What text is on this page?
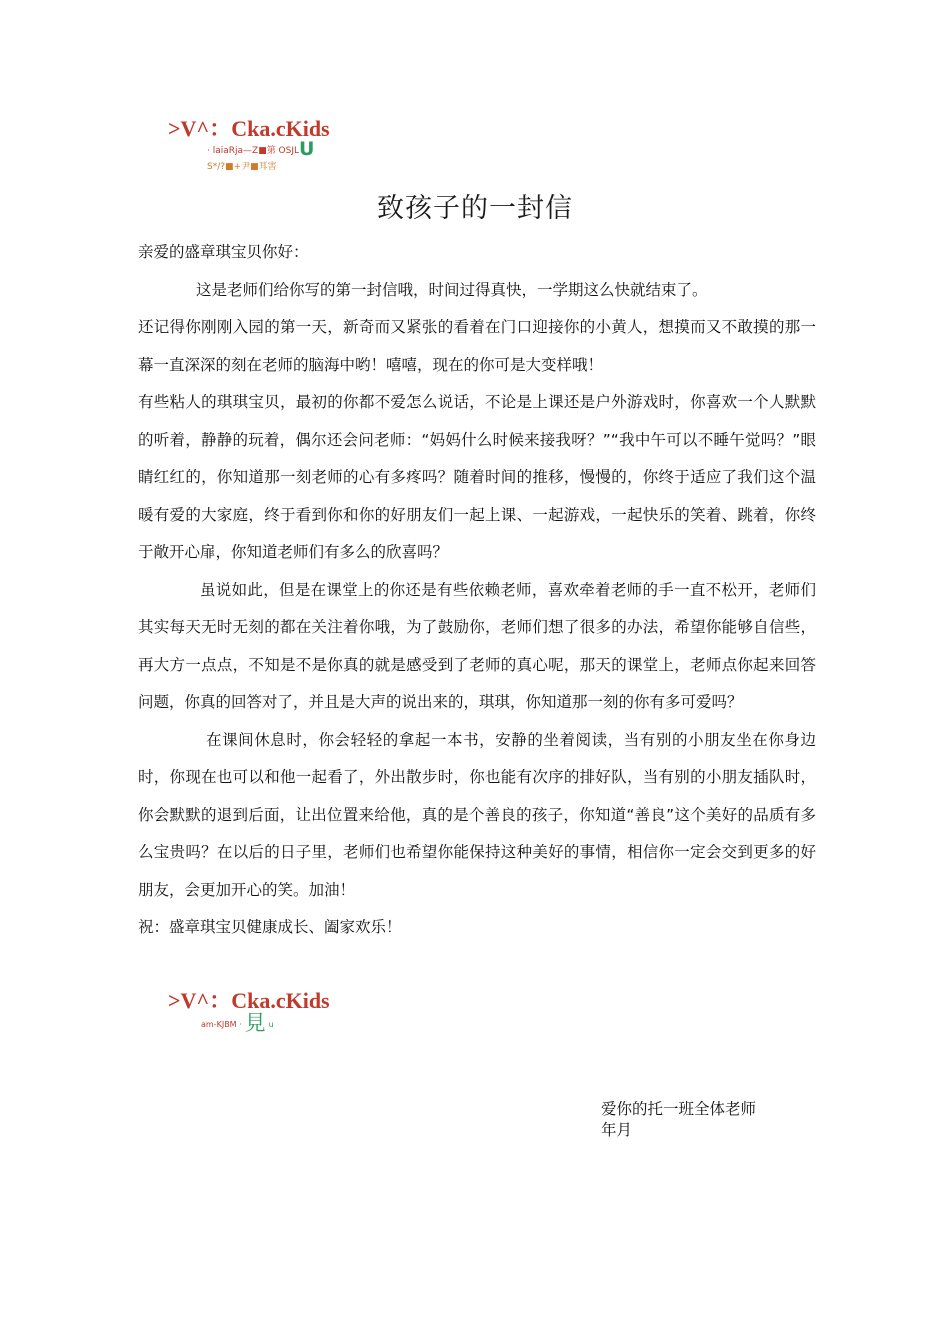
>V^：Cka.cKids
· laiaRja—Z■第 OSJLU
S*/?■+尹■耳害
致孩子的一封信

亲爱的盛章琪宝贝你好：

这是老师们给你写的第一封信哦，时间过得真快，一学期这么快就结束了。

还记得你刚刚入园的第一天，新奇而又紧张的看着在门口迎接你的小黄人，想摸而又不敢摸的那一幕一直深深的刻在老师的脑海中哟！嘻嘻，现在的你可是大变样哦！

有些粘人的琪琪宝贝，最初的你都不爱怎么说话，不论是上课还是户外游戏时，你喜欢一个人默默的听着，静静的玩着，偶尔还会问老师：“妈妈什么时候来接我呀？”“我中午可以不睡午觉吗？”眼睛红红的，你知道那一刻老师的心有多疼吗？随着时间的推移，慢慢的，你终于适应了我们这个温暖有爱的大家庭，终于看到你和你的好朋友们一起上课、一起游戏，一起快乐的笑着、跳着，你终于敞开心扉，你知道老师们有多么的欣喜吗？

虽说如此，但是在课堂上的你还是有些依赖老师，喜欢牵着老师的手一直不松开，老师们其实每天无时无刻的都在关注着你哦，为了鼓励你，老师们想了很多的办法，希望你能够自信些，再大方一点点，不知是不是你真的就是感受到了老师的真心呢，那天的课堂上，老师点你起来回答问题，你真的回答对了，并且是大声的说出来的，琪琪，你知道那一刻的你有多可爱吗？

在课间休息时，你会轻轻的拿起一本书，安静的坐着阅读，当有别的小朋友坐在你身边时，你现在也可以和他一起看了，外出散步时，你也能有次序的排好队，当有别的小朋友插队时，你会默默的退到后面，让出位置来给他，真的是个善良的孩子，你知道“善良”这个美好的品质有多么宝贵吗？在以后的日子里，老师们也希望你能保持这种美好的事情，相信你一定会交到更多的好朋友，会更加开心的笑。加油！

祝：盛章琪宝贝健康成长、阖家欢乐！

>V^：Cka.cKids
am-KJBM · 見 u
爱你的托一班全体老师
年月
